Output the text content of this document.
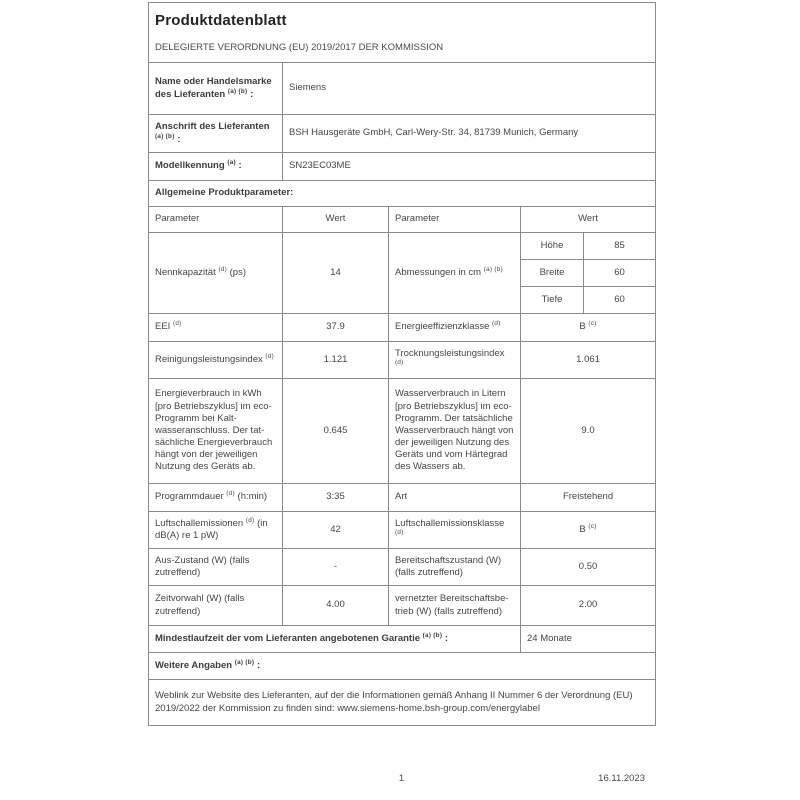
Produktdatenblatt
DELEGIERTE VERORDNUNG (EU) 2019/2017 DER KOMMISSION				

Name oder Handelsmarke des Lieferanten $^{(a) (b)}$ :	Siemens			
Anschrift des Lieferanten $^{(a) (b)}$ :	BSH Hausgeräte GmbH, Carl-Wery-Str. 34, 81739 Munich, Germany			
Modellkennung $^{(a)}$ :	SN23EC03ME			
Allgemeine Produktparameter:				
Parameter	Wert	Parameter	Wert	
Nennkapazität $^{(d)}$ (ps)	14	Abmessungen in cm $^{(a) (b)}$	Höhe	85
			Breite	60
			Tiefe	60
EEI $^{(d)}$	37.9	Energieeffizienzklasse $^{(d)}$	B $^{(c)}$
Reinigungsleistungsindex $^{(d)}$	1.121	Trocknungsleistungsindex $^{(d)}$	1.061	
Energieverbrauch in kWh [pro Betriebszyklus] im eco-Programm bei Kaltwasseranschluss. Der tatsächliche Energieverbrauch hängt von der jeweiligen Nutzung des Geräts ab.	0.645	Wasserverbrauch in Litern [pro Betriebszyklus] im eco-Programm. Der tatsächliche Wasserverbrauch hängt von der jeweiligen Nutzung des Geräts und vom Härtegrad des Wassers ab.	9.0	
Programmdauer $^{(d)}$ (h:min)	3:35	Art	Freistehend	
Luftschallemissionen $^{(d)}$ (in dB(A) re 1 pW)	42	Luftschallemissionsklasse $^{(d)}$	B $^{(c)}$
Aus-Zustand (W) (falls zutreffend)	-	Bereitschaftszustand (W) (falls zutreffend)	0.50	
Zeitvorwahl (W) (falls zutreffend)	4.00	vernetzter Bereitschaftsbetrieb (W) (falls zutreffend)	2.00	
Mindestlaufzeit der vom Lieferanten angebotenen Garantie $^{(a) (b)}$ :			24 Monate	
Weitere Angaben $^{(a) (b)}$ :				
Weblink zur Website des Lieferanten, auf der die Informationen gemäß Anhang II Nummer 6 der Verordnung (EU) 2019/2022 der Kommission zu finden sind: www.siemens-home.bsh-group.com/energylabel				
1	16.11.2023
